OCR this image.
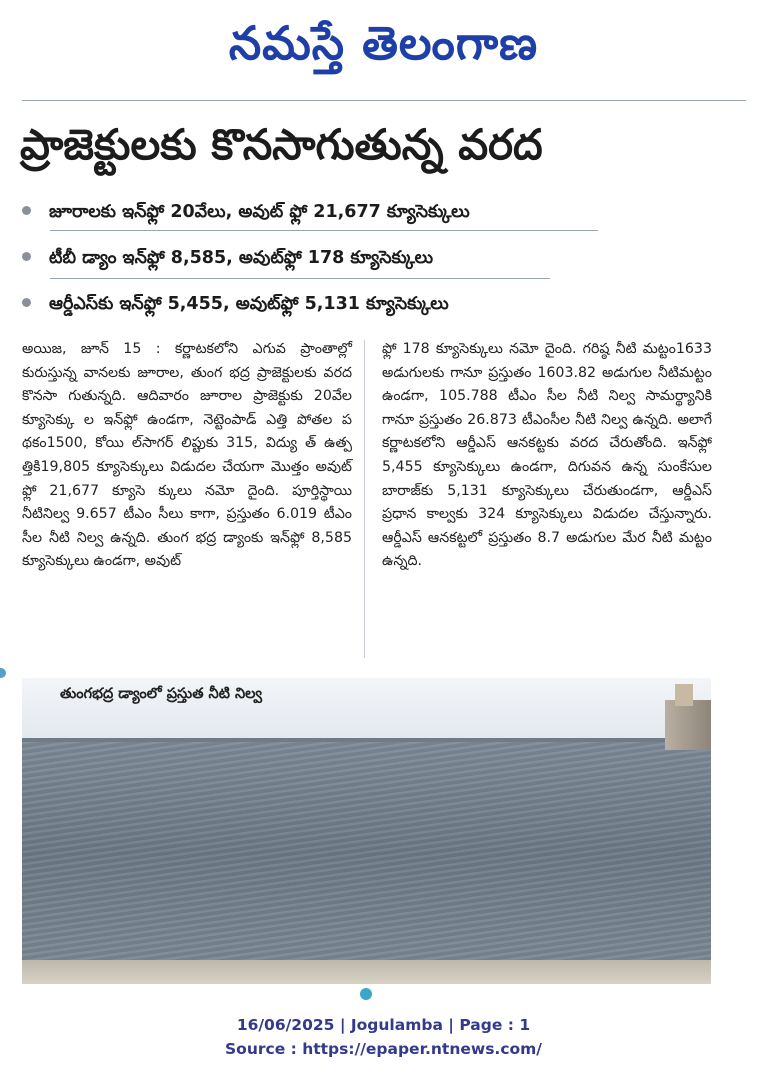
నమస్తే తెలంగాణ
ప్రాజెక్టులకు కొనసాగుతున్న వరద
జూరాలకు ఇన్‌ఫ్లో 20వేలు, అవుట్ ఫ్లో 21,677 క్యూసెక్కులు
టీబీ డ్యాం ఇన్‌ఫ్లో 8,585, అవుట్‌ఫ్లో 178 క్యూసెక్కులు
ఆర్డీఎస్‌కు ఇన్‌ఫ్లో 5,455, అవుట్‌ఫ్లో 5,131 క్యూసెక్కులు

అయిజ, జూన్ 15 : కర్ణాటకలోని ఎగువ ప్రాంతాల్లో కురుస్తున్న వానలకు జూరాల, తుంగ భద్ర ప్రాజెక్టులకు వరద కొనసా గుతున్నది. ఆదివారం జూరాల ప్రాజెక్టుకు 20వేల క్యూసెక్కు ల ఇన్‌ఫ్లో ఉండగా, నెట్టెంపాడ్ ఎత్తి పోతల ప థకం1500, కోయి ల్‌సాగర్ లిప్టుకు 315, విద్యు త్ ఉత్ప త్తికి19,805 క్యూసెక్కులు విడుదల చేయగా మొత్తం అవుట్ ఫ్లో 21,677 క్యూసె క్కులు నమో దైంది. పూర్తిస్థాయి నీటినిల్వ 9.657 టీఎం సీలు కాగా, ప్రస్తుతం 6.019 టీఎం సీల నీటి నిల్వ ఉన్నది. తుంగ భద్ర డ్యాంకు ఇన్‌ఫ్లో 8,585 క్యూసెక్కులు ఉండగా, అవుట్

ఫ్లో 178 క్యూసెక్కులు నమో దైంది. గరిష్ఠ నీటి మట్టం1633 అడుగులకు గానూ ప్రస్తుతం 1603.82 అడుగుల నీటిమట్టం ఉండగా, 105.788 టీఎం సీల నీటి నిల్వ సామర్థ్యానికి గానూ ప్రస్తుతం 26.873 టీఎంసీల నీటి నిల్వ ఉన్నది. అలాగే కర్ణాటకలోని ఆర్డీఎస్ ఆనకట్టకు వరద చేరుతోంది. ఇన్‌ఫ్లో 5,455 క్యూసెక్కులు ఉండగా, దిగువన ఉన్న సుంకేసుల బారాజ్‌కు 5,131 క్యూసెక్కులు చేరుతుండగా, ఆర్డీఎస్ ప్రధాన కాల్వకు 324 క్యూసెక్కులు విడుదల చేస్తున్నారు. ఆర్డీఎస్ ఆనకట్టలో ప్రస్తుతం 8.7 అడుగుల మేర నీటి మట్టం ఉన్నది.

తుంగభద్ర డ్యాంలో ప్రస్తుత నీటి నిల్వ
16/06/2025 | Jogulamba | Page : 1
Source : https://epaper.ntnews.com/
